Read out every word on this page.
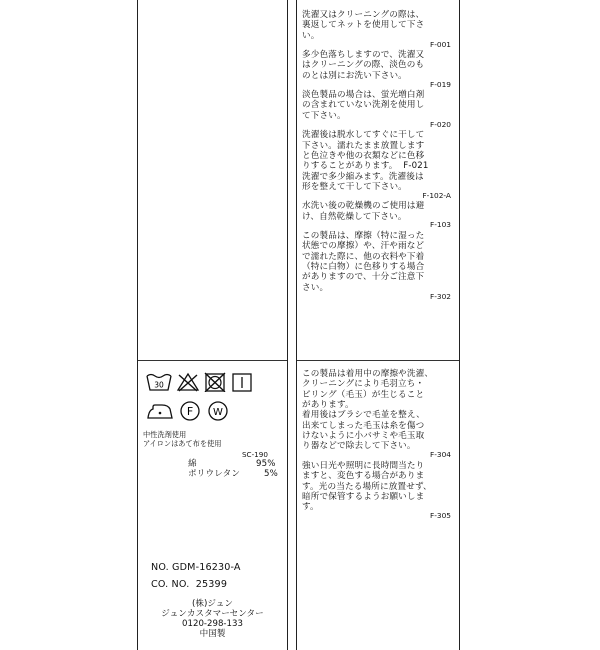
30
F W
中性洗剤使用
アイロンはあて布を使用
SC-190
綿	95%
ポリウレタン	5%
NO. GDM-16230-A
CO. NO.  25399
(株)ジュン
ジュンカスタマーセンター
0120-298-133
中国製
洗濯又はクリーニングの際は、
裏返してネットを使用して下さ
い。
F-001
多少色落ちしますので、洗濯又
はクリーニングの際、淡色のも
のとは別にお洗い下さい。
F-019
淡色製品の場合は、蛍光増白剤
の含まれていない洗剤を使用し
て下さい。
F-020
洗濯後は脱水してすぐに干して
下さい。濡れたまま放置します
と色泣きや他の衣類などに色移
りすることがあります。  F-021
洗濯で多少縮みます。洗濯後は
形を整えて干して下さい。
F-102-A
水洗い後の乾燥機のご使用は避
け、自然乾燥して下さい。
F-103
この製品は、摩擦（特に湿った
状態での摩擦）や、汗や雨など
で濡れた際に、他の衣料や下着
（特に白物）に色移りする場合
がありますので、十分ご注意下
さい。
F-302
この製品は着用中の摩擦や洗濯、
クリーニングにより毛羽立ち・
ピリング（毛玉）が生じること
があります。
着用後はブラシで毛並を整え、
出来てしまった毛玉は糸を傷つ
けないように小バサミや毛玉取
り器などで除去して下さい。
F-304
強い日光や照明に長時間当たり
ますと、変色する場合がありま
す。光の当たる場所に放置せず、
暗所で保管するようお願いしま
す。
F-305
